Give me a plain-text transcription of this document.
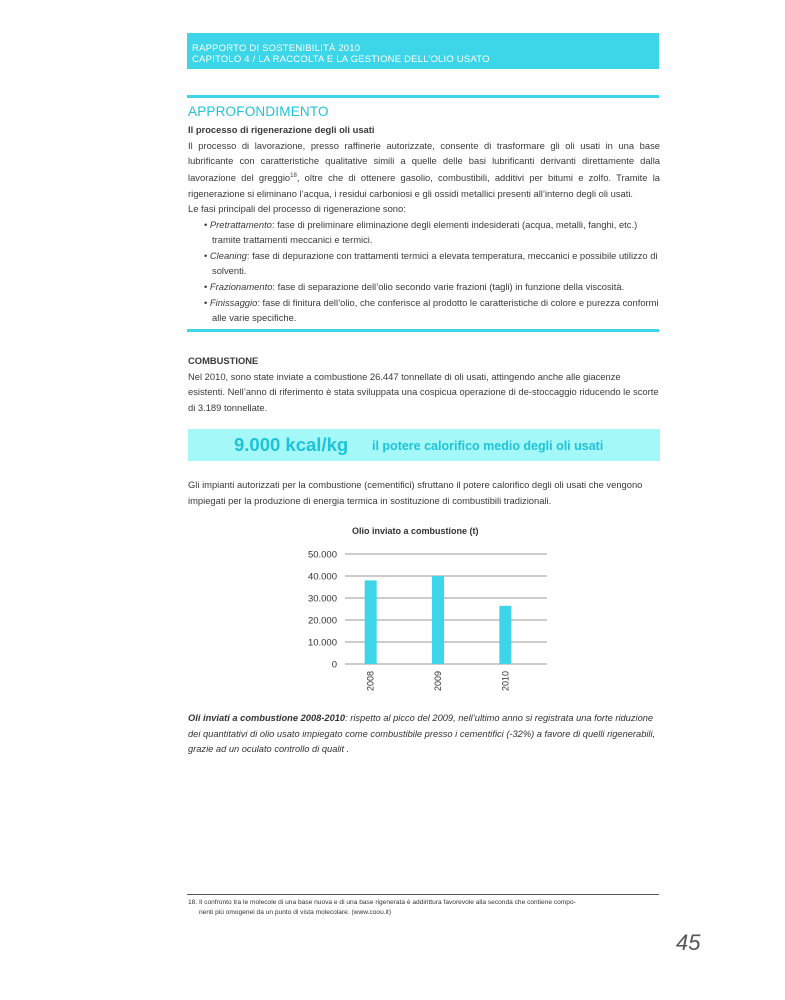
RAPPORTO DI SOSTENIBILITÀ 2010
CAPITOLO 4 / LA RACCOLTA E LA GESTIONE DELL’OLIO USATO
APPROFONDIMENTO
Il processo di rigenerazione degli oli usati
Il processo di lavorazione, presso raffinerie autorizzate, consente di trasformare gli oli usati in una base lubrificante con caratteristiche qualitative simili a quelle delle basi lubrificanti derivanti direttamente dalla lavorazione del greggio$^{18}$, oltre che di ottenere gasolio, combustibili, additivi per bitumi e zolfo. Tramite la rigenerazione si eliminano l’acqua, i residui carboniosi e gli ossidi metallici presenti all’interno degli oli usati.
Le fasi principali del processo di rigenerazione sono:
• Pretrattamento: fase di preliminare eliminazione degli elementi indesiderati (acqua, metalli, fanghi, etc.) tramite trattamenti meccanici e termici.
• Cleaning: fase di depurazione con trattamenti termici a elevata temperatura, meccanici e possibile utilizzo di solventi.
• Frazionamento: fase di separazione dell’olio secondo varie frazioni (tagli) in funzione della viscosità.
• Finissaggio: fase di finitura dell’olio, che conferisce al prodotto le caratteristiche di colore e purezza conformi alle varie specifiche.
COMBUSTIONE
Nel 2010, sono state inviate a combustione 26.447 tonnellate di oli usati, attingendo anche alle giacenze esistenti. Nell’anno di riferimento è stata sviluppata una cospicua operazione di de-stoccaggio riducendo le scorte di 3.189 tonnellate.
9.000 kcal/kg il potere calorifico medio degli oli usati
Gli impianti autorizzati per la combustione (cementifici) sfruttano il potere calorifico degli oli usati che vengono impiegati per la produzione di energia termica in sostituzione di combustibili tradizionali.
Olio inviato a combustione (t)
0
10.000
20.000
30.000
40.000
50.000
2008	2009	2010
Oli inviati a combustione 2008-2010: rispetto al picco del 2009, nell’ultimo anno si registrata una forte riduzione dei quantitativi di olio usato impiegato come combustibile presso i cementifici (-32%) a favore di quelli rigenerabili, grazie ad un oculato controllo di qualit .
18. Il confronto tra le molecole di una base nuova e di una base rigenerata è addirittura favorevole alla seconda che contiene compo-
nenti più omogenei da un punto di vista molecolare. (www.coou.it)
45
